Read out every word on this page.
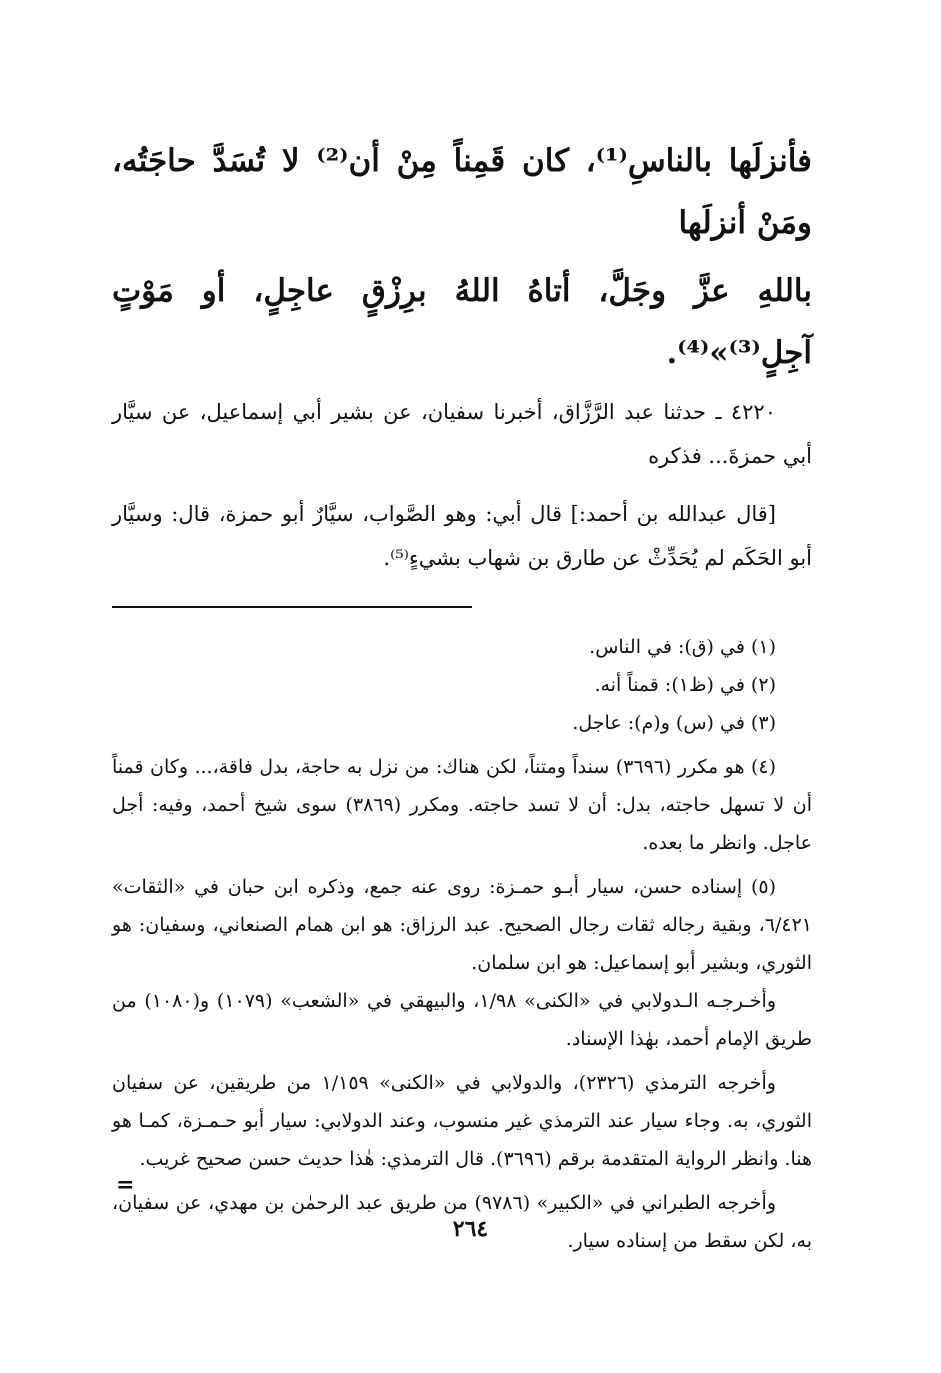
فأنزلَها بالناسِ⁽¹⁾، كان قَمِناً مِنْ أن⁽²⁾ لا تُسَدَّ حاجَتُه، ومَنْ أنزلَها

باللهِ عزَّ وجَلَّ، أتاهُ اللهُ برِزْقٍ عاجِلٍ، أو مَوْتٍ آجِلٍ⁽³⁾»⁽⁴⁾.

٤٢٢٠ ـ حدثنا عبد الرَّزَّاق، أخبرنا سفيان، عن بشير أبي إسماعيل، عن سيَّار أبي حمزةَ... فذكره

[قال عبدالله بن أحمد:] قال أبي: وهو الصَّواب، سيَّارٌ أبو حمزة، قال: وسيَّار أبو الحَكَم لم يُحَدِّثْ عن طارق بن شهاب بشيءٍ⁽⁵⁾.

(١) في (ق): في الناس.

(٢) في (ظ١): قمناً أنه.

(٣) في (س) و(م): عاجل.

(٤) هو مكرر (٣٦٩٦) سنداً ومتناً، لكن هناك: من نزل به حاجة، بدل فاقة،... وكان قمناً أن لا تسهل حاجته، بدل: أن لا تسد حاجته. ومكرر (٣٨٦٩) سوى شيخ أحمد، وفيه: أجل عاجل. وانظر ما بعده.

(٥) إسناده حسن، سيار أبـو حمـزة: روى عنه جمع، وذكره ابن حبان في «الثقات» ٦/٤٢١، وبقية رجاله ثقات رجال الصحيح. عبد الرزاق: هو ابن همام الصنعاني، وسفيان: هو الثوري، وبشير أبو إسماعيل: هو ابن سلمان.

وأخـرجـه الـدولابي في «الكنى» ١/٩٨، والبيهقي في «الشعب» (١٠٧٩) و(١٠٨٠) من طريق الإمام أحمد، بهٰذا الإسناد.

وأخرجه الترمذي (٢٣٢٦)، والدولابي في «الكنى» ١/١٥٩ من طريقين، عن سفيان الثوري، به. وجاء سيار عند الترمذي غير منسوب، وعند الدولابي: سيار أبو حـمـزة، كمـا هو هنا. وانظر الرواية المتقدمة برقم (٣٦٩٦). قال الترمذي: هٰذا حديث حسن صحيح غريب.

وأخرجه الطبراني في «الكبير» (٩٧٨٦) من طريق عبد الرحمٰن بن مهدي، عن سفيان، به، لكن سقط من إسناده سيار.

=
٢٦٤
